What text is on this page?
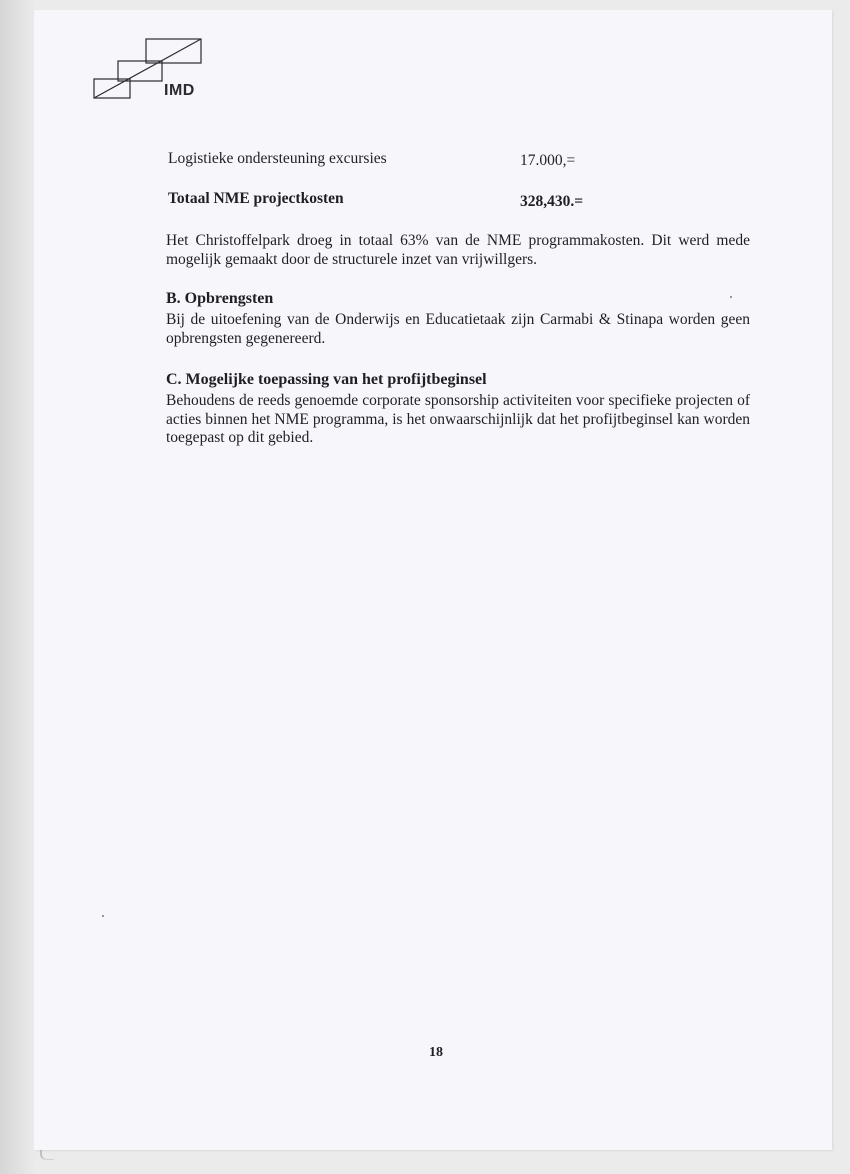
IMD
Logistieke ondersteuning excursies	17.000,=
Totaal NME projectkosten	328,430.=
Het Christoffelpark droeg in totaal 63% van de NME programmakosten. Dit werd mede mogelijk gemaakt door de structurele inzet van vrijwillgers.
B. Opbrengsten
Bij de uitoefening van de Onderwijs en Educatietaak zijn Carmabi & Stinapa worden geen opbrengsten gegenereerd.
C. Mogelijke toepassing van het profijtbeginsel
Behoudens de reeds genoemde corporate sponsorship activiteiten voor specifieke projecten of acties binnen het NME programma, is het onwaarschijnlijk dat het profijtbeginsel kan worden toegepast op dit gebied.
18
